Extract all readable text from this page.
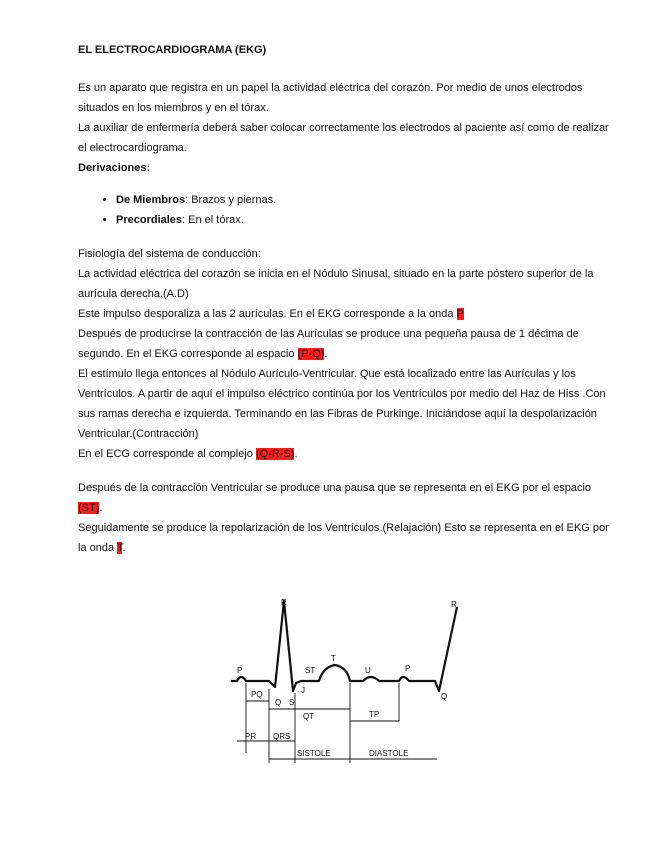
EL ELECTROCARDIOGRAMA (EKG)

Es un aparato que registra en un papel la actividad eléctrica del corazón. Por medio de unos electrodos situados en los miembros y en el tórax.

La auxiliar de enfermería deberá saber colocar correctamente los electrodos al paciente así como de realizar el electrocardiograma.

Derivaciones:

• De Miembros: Brazos y piernas.
• Precordiales: En el tórax.

Fisiología del sistema de conducción:

La actividad eléctrica del corazón se inicia en el Nódulo Sinusal, situado en la parte póstero superior de la aurícula derecha.(A.D)

Este impulso desporaliza a las 2 aurículas. En el EKG corresponde a la onda P

Después de producirse la contracción de las Aurículas se produce una pequeña pausa de 1 décima de segundo. En el EKG corresponde al espacio (P-Q).

El estímulo llega entonces al Nódulo Aurículo-Ventricular. Que está localizado entre las Aurículas y los Ventrículos. A partir de aquí el impulso eléctrico continúa por los Ventrículos por medio del Haz de Hiss .Con sus ramas derecha e izquierda. Terminando en las Fibras de Purkinge. Iniciándose aquí la despolarización Ventricular.(Contracción)

En el ECG corresponde al complejo (Q-R-S).

Después de la contracción Ventricular se produce una pausa que se representa en el EKG por el espacio (ST).

Seguidamente se produce la repolarización de los Ventrículos.(Relajación) Esto se representa en el EKG por la onda T.

P
R
Q S
J
ST
T
U	P
R
Q
PQ
QT	TP
PR QRS
SISTOLE	DIASTOLE
